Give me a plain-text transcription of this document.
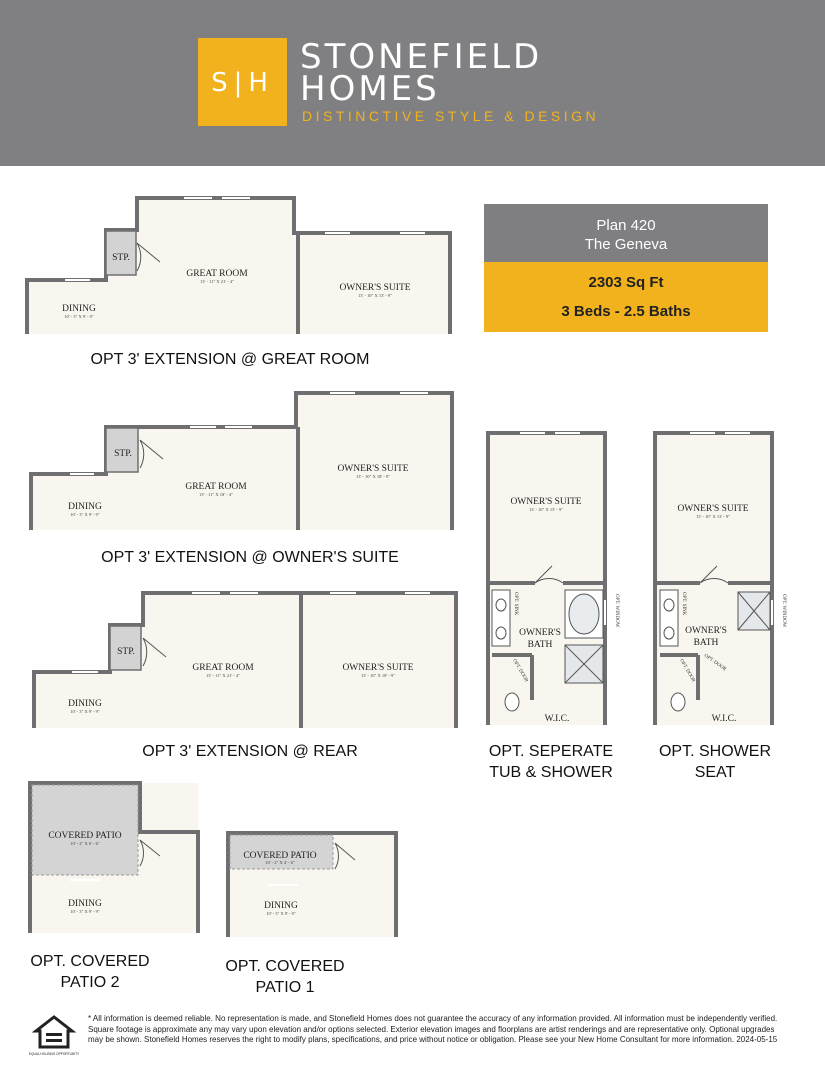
S|H
STONEFIELD
HOMES
DISTINCTIVE STYLE & DESIGN
Plan 420
The Geneva
2303 Sq Ft
3 Beds - 2.5 Baths
GREAT ROOM
13' - 11" X 21' - 4"
OWNER'S SUITE
13' - 10" X 13' - 9"
DINING
10' - 3" X 9' - 9"
STP.
GREAT ROOM
13' - 11" X 18' - 4"
OWNER'S SUITE
13' - 10" X 18' - 9"
DINING
10' - 3" X 9' - 9"
STP.
GREAT ROOM
13' - 11" X 21' - 4"
OWNER'S SUITE
13' - 10" X 18' - 9"
DINING
10' - 3" X 9' - 9"
STP.
OWNER'S SUITE
13' - 10" X 13' - 9"
OWNER'S
BATH
W.I.C.
OPT. SINK	OPT. WINDOW
OPT. DOOR
OWNER'S SUITE
13' - 10" X 13' - 9"
OWNER'S
BATH
W.I.C.
OPT. SINK	OPT. WINDOW
OPT. DOOR OPT. DOOR
COVERED PATIO
10' - 2" X 6' - 6"
DINING
10' - 3" X 9' - 9"
COVERED PATIO
10' - 2" X 4' - 6"
DINING
10' - 3" X 9' - 9"
OPT 3' EXTENSION @ GREAT ROOM
OPT 3' EXTENSION @ OWNER'S SUITE
OPT 3' EXTENSION @ REAR	OPT. SEPERATE
TUB & SHOWER
OPT. SHOWER
SEAT
OPT. COVERED
PATIO 2
OPT. COVERED
PATIO 1
EQUAL HOUSING OPPORTUNITY
* All information is deemed reliable. No representation is made, and Stonefield Homes does not guarantee the accuracy of any information provided. All information must be independently verified. Square footage is approximate any may vary upon elevation and/or options selected. Exterior elevation images and floorplans are artist renderings and are representative only. Optional upgrades may be shown. Stonefield Homes reserves the right to modify plans, specifications, and price without notice or obligation. Please see your New Home Consultant for more information. 2024-05-15
